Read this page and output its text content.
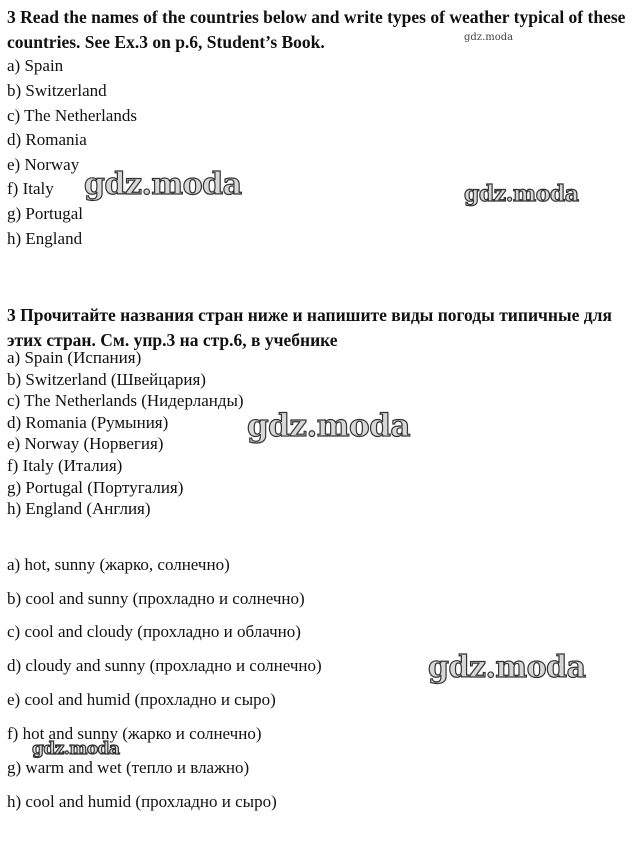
3 Read the names of the countries below and write types of weather typical of these countries. See Ex.3 on p.6, Student’s Book.
a) Spain
b) Switzerland
c) The Netherlands
d) Romania
e) Norway
f) Italy
g) Portugal
h) England
3 Прочитайте названия стран ниже и напишите виды погоды типичные для этих стран. См. упр.3 на стр.6, в учебнике
a) Spain (Испания)
b) Switzerland (Швейцария)
c) The Netherlands (Нидерланды)
d) Romania (Румыния)
e) Norway (Норвегия)
f) Italy (Италия)
g) Portugal (Португалия)
h) England (Англия)
a) hot, sunny (жарко, солнечно)
b) cool and sunny (прохладно и солнечно)
c) cool and cloudy (прохладно и облачно)
d) cloudy and sunny (прохладно и солнечно)
e) cool and humid (прохладно и сыро)
f) hot and sunny (жарко и солнечно)
g) warm and wet (тепло и влажно)
h) cool and humid (прохладно и сыро)
gdz.moda
gdz.moda	gdz.moda
gdz.moda
gdz.moda
gdz.moda
